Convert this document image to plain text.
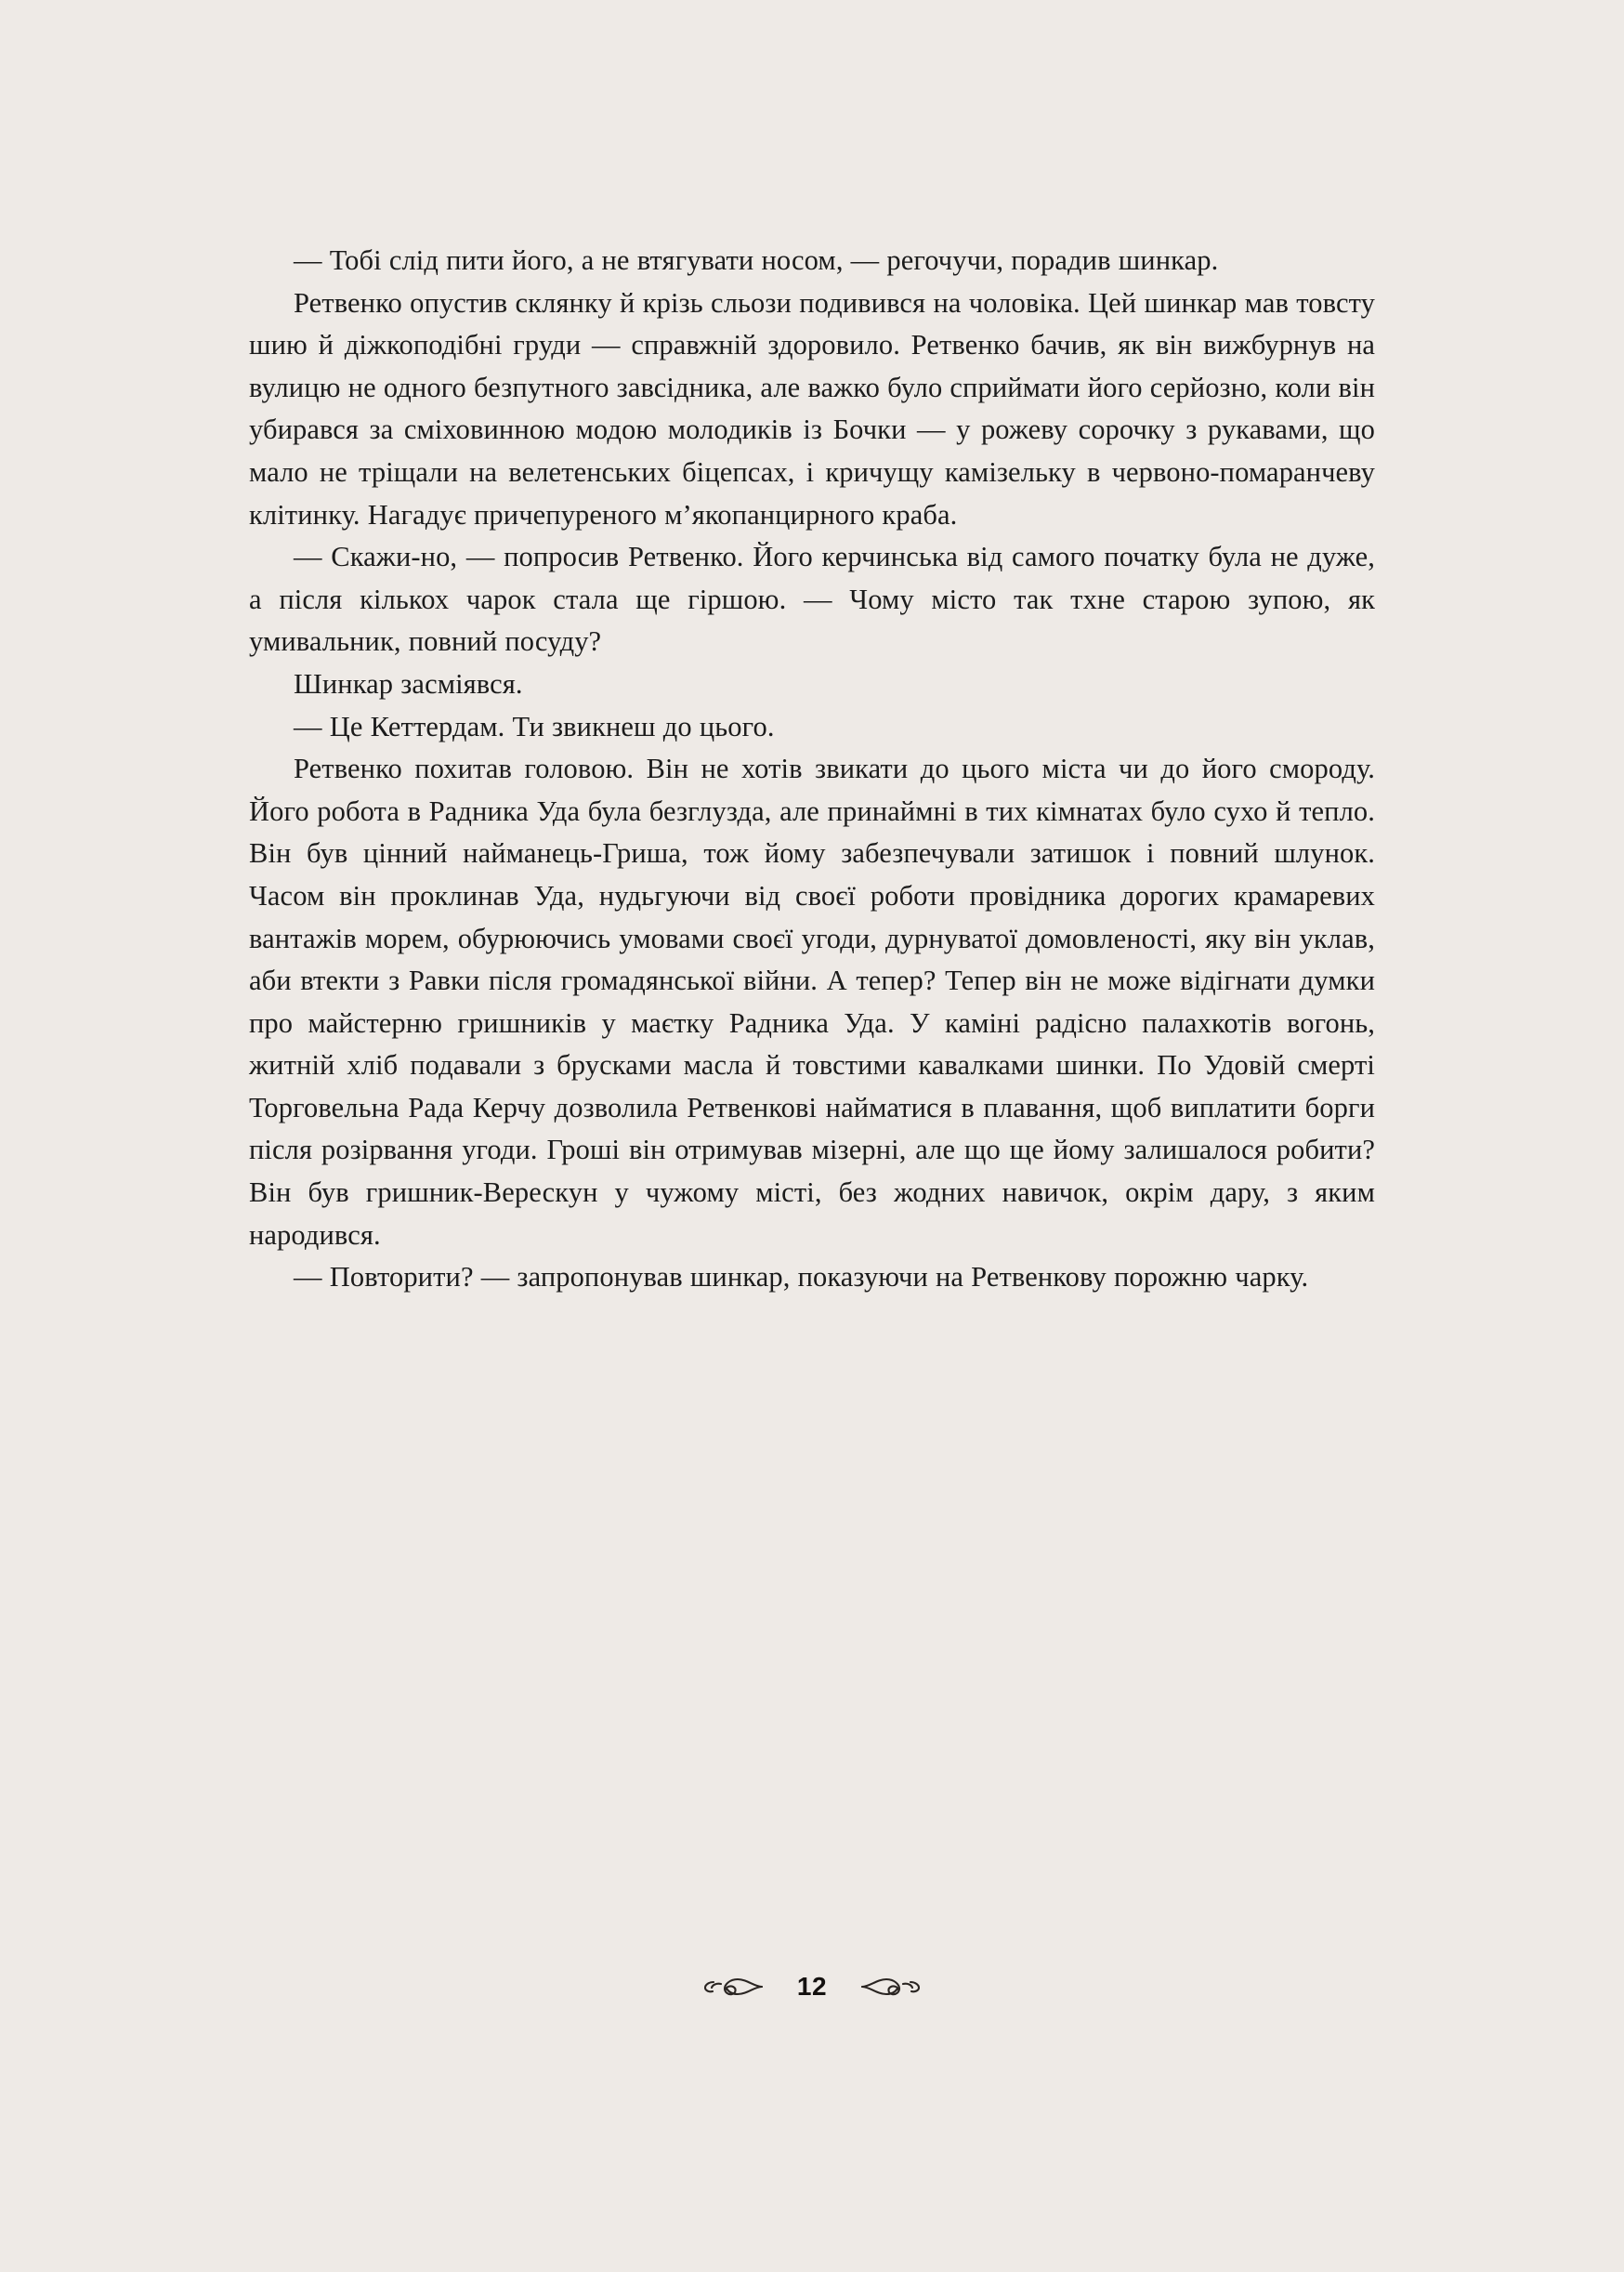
— Тобі слід пити його, а не втягувати носом, — регочучи, порадив шинкар.

Ретвенко опустив склянку й крізь сльози подивився на чоловіка. Цей шинкар мав товсту шию й діжкоподібні груди — справжній здоровило. Ретвенко бачив, як він вижбурнув на вулицю не одного безпутного завсідника, але важко було сприймати його серйозно, коли він убирався за сміховинною модою молодиків із Бочки — у рожеву сорочку з рукавами, що мало не тріщали на велетенських біцепсах, і кричущу камізельку в червоно-помаранчеву клітинку. Нагадує причепуреного м’якопанцирного краба.

— Скажи-но, — попросив Ретвенко. Його керчинська від самого початку була не дуже, а після кількох чарок стала ще гіршою. — Чому місто так тхне старою зупою, як умивальник, повний посуду?

Шинкар засміявся.

— Це Кеттердам. Ти звикнеш до цього.

Ретвенко похитав головою. Він не хотів звикати до цього міста чи до його смороду. Його робота в Радника Уда була безглузда, але принаймні в тих кімнатах було сухо й тепло. Він був цінний найманець-Гриша, тож йому забезпечували затишок і повний шлунок. Часом він проклинав Уда, нудьгуючи від своєї роботи провідника дорогих крамаревих вантажів морем, обурюючись умовами своєї угоди, дурнуватої домовленості, яку він уклав, аби втекти з Равки після громадянської війни. А тепер? Тепер він не може відігнати думки про майстерню гришників у маєтку Радника Уда. У каміні радісно палахкотів вогонь, житній хліб подавали з брусками масла й товстими кавалками шинки. По Удовій смерті Торговельна Рада Керчу дозволила Ретвенкові найматися в плавання, щоб виплатити борги після розірвання угоди. Гроші він отримував мізерні, але що ще йому залишалося робити? Він був гришник-Верескун у чужому місті, без жодних навичок, окрім дару, з яким народився.

— Повторити? — запропонував шинкар, показуючи на Ретвенкову порожню чарку.

12
